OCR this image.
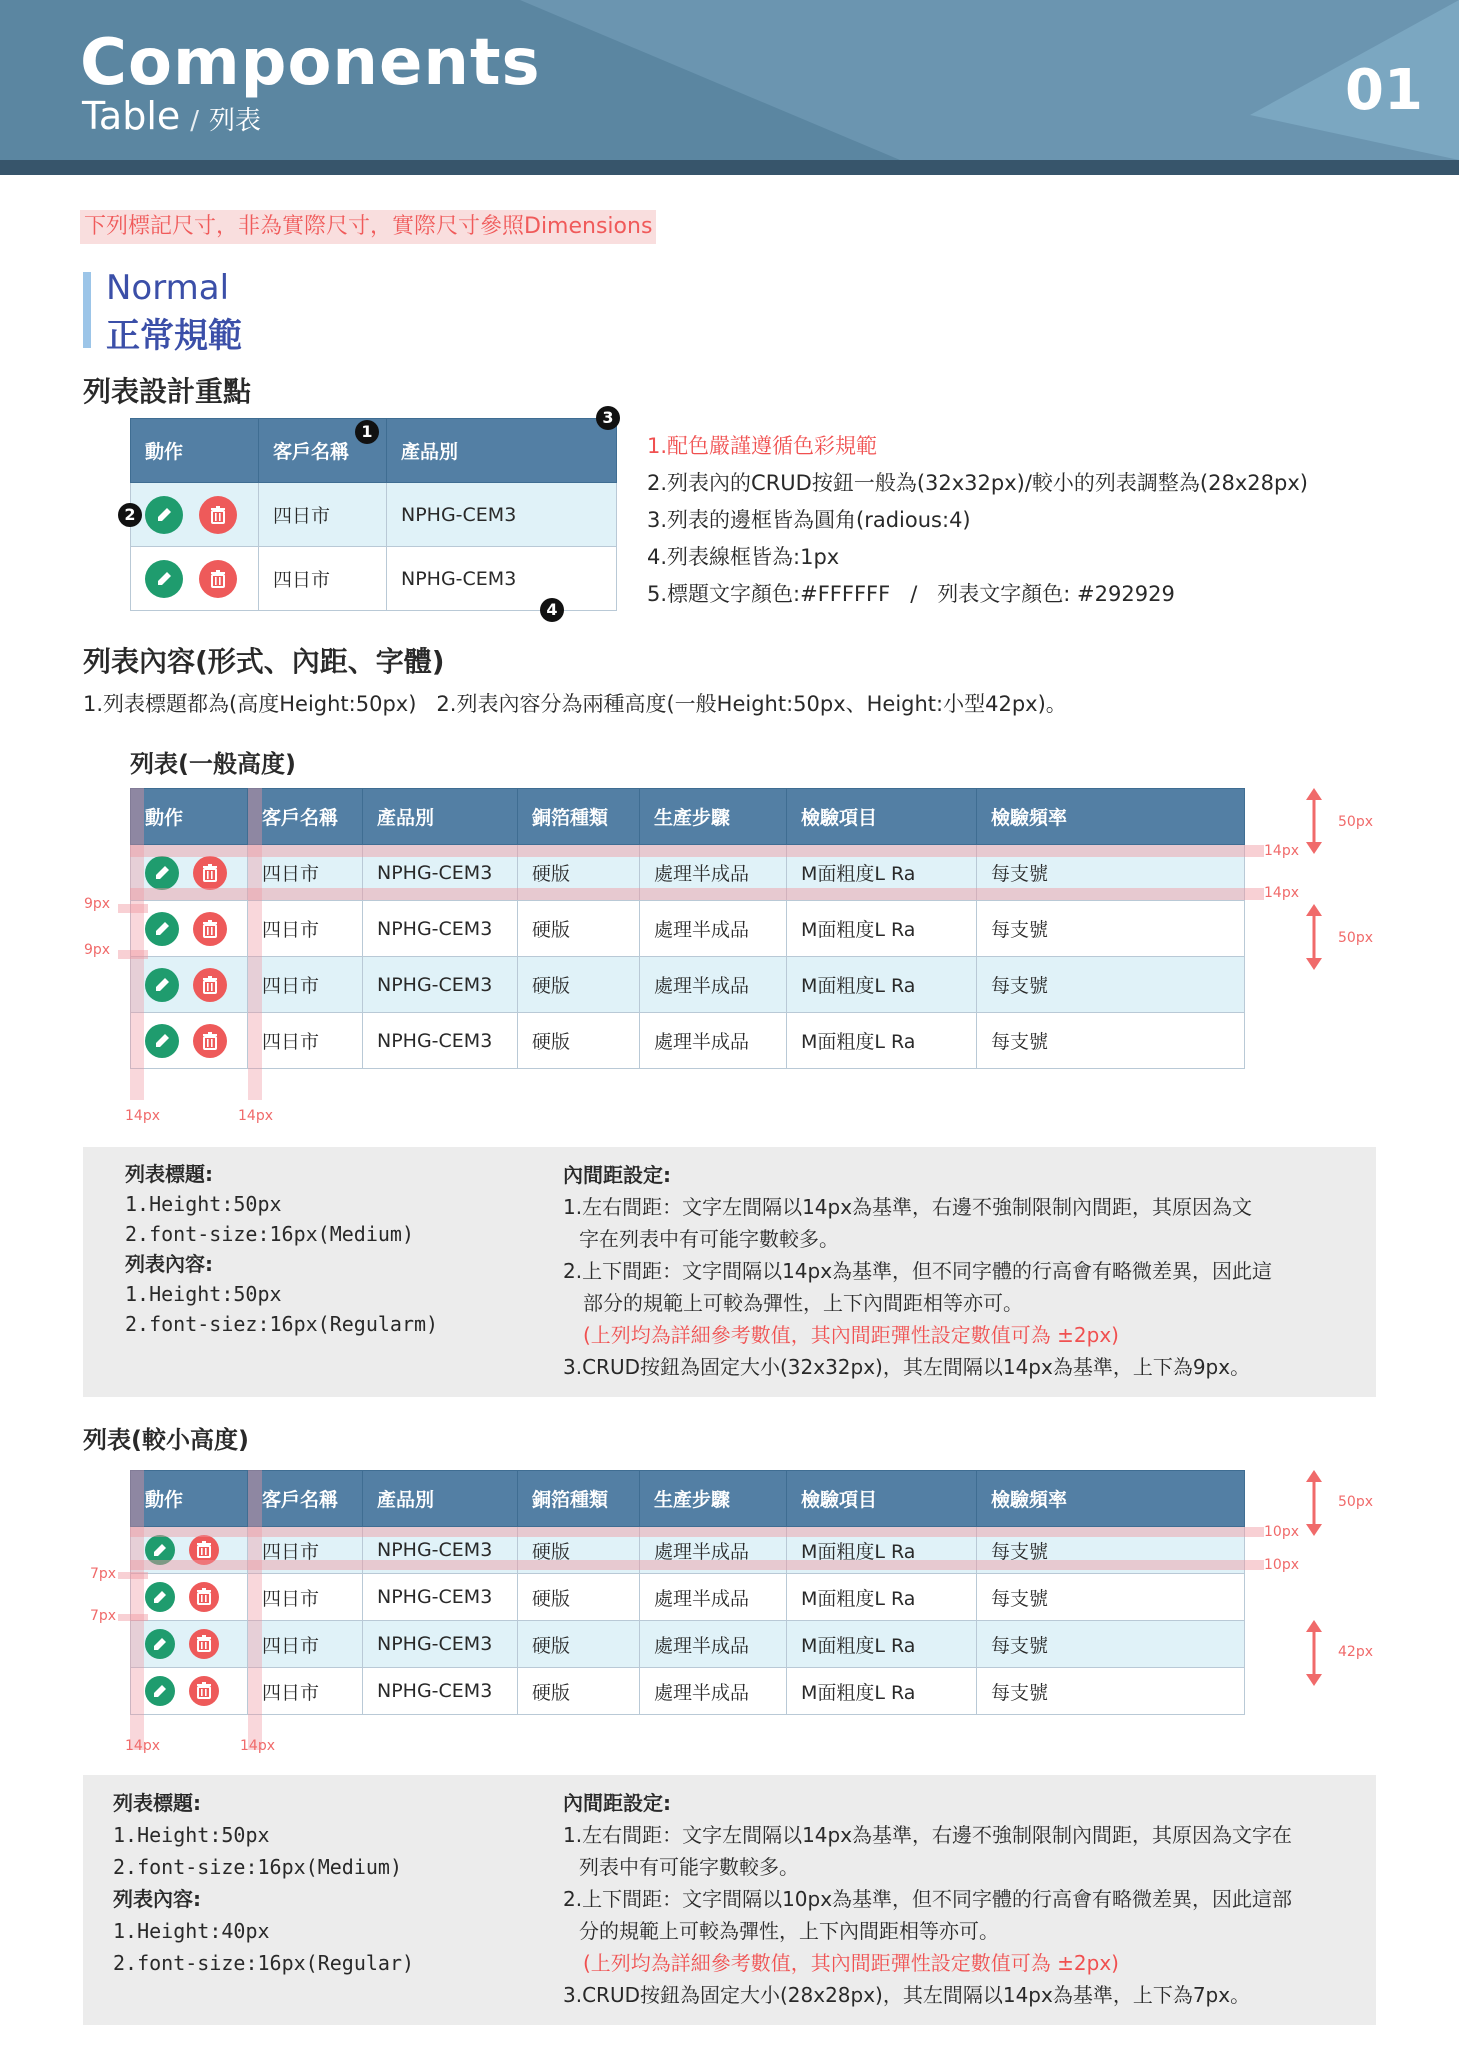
Components
Table / 列表	01
下列標記尺寸，非為實際尺寸，實際尺寸參照Dimensions
Normal
正常規範
列表設計重點
動作	客戶名稱	產品別
	四日市	NPHG-CEM3
	四日市	NPHG-CEM3
1
2
3
4
1.配色嚴謹遵循色彩規範
2.列表內的CRUD按鈕一般為(32x32px)/較小的列表調整為(28x28px)
3.列表的邊框皆為圓角(radious:4)
4.列表線框皆為:1px
5.標題文字顏色:#FFFFFF   /   列表文字顏色: #292929
列表內容(形式、內距、字體)
1.列表標題都為(高度Height:50px)   2.列表內容分為兩種高度(一般Height:50px、Height:小型42px)。
列表(一般高度)
動作	客戶名稱	產品別	銅箔種類	生產步驟	檢驗項目	檢驗頻率
	四日市	NPHG-CEM3	硬版	處理半成品	M面粗度L Ra	每支號
	四日市	NPHG-CEM3	硬版	處理半成品	M面粗度L Ra	每支號
	四日市	NPHG-CEM3	硬版	處理半成品	M面粗度L Ra	每支號
	四日市	NPHG-CEM3	硬版	處理半成品	M面粗度L Ra	每支號
9px
9px
14px	14px
14px
14px
50px
50px
列表標題:
1.Height:50px
2.font-size:16px(Medium)
列表內容:
1.Height:50px
2.font-siez:16px(Regularm)
內間距設定:
1.左右間距：文字左間隔以14px為基準，右邊不強制限制內間距，其原因為文
字在列表中有可能字數較多。
2.上下間距：文字間隔以14px為基準，但不同字體的行高會有略微差異，因此這
部分的規範上可較為彈性，上下內間距相等亦可。
(上列均為詳細參考數值，其內間距彈性設定數值可為 ±2px)
3.CRUD按鈕為固定大小(32x32px)，其左間隔以14px為基準，上下為9px。
列表(較小高度)
動作	客戶名稱	產品別	銅箔種類	生產步驟	檢驗項目	檢驗頻率
	四日市	NPHG-CEM3	硬版	處理半成品	M面粗度L Ra	每支號
	四日市	NPHG-CEM3	硬版	處理半成品	M面粗度L Ra	每支號
	四日市	NPHG-CEM3	硬版	處理半成品	M面粗度L Ra	每支號
	四日市	NPHG-CEM3	硬版	處理半成品	M面粗度L Ra	每支號
7px
7px
14px	14px
10px
10px
50px
42px
列表標題:
1.Height:50px
2.font-size:16px(Medium)
列表內容:
1.Height:40px
2.font-size:16px(Regular)
內間距設定:
1.左右間距：文字左間隔以14px為基準，右邊不強制限制內間距，其原因為文字在
列表中有可能字數較多。
2.上下間距：文字間隔以10px為基準，但不同字體的行高會有略微差異，因此這部
分的規範上可較為彈性，上下內間距相等亦可。
(上列均為詳細參考數值，其內間距彈性設定數值可為 ±2px)
3.CRUD按鈕為固定大小(28x28px)，其左間隔以14px為基準，上下為7px。
